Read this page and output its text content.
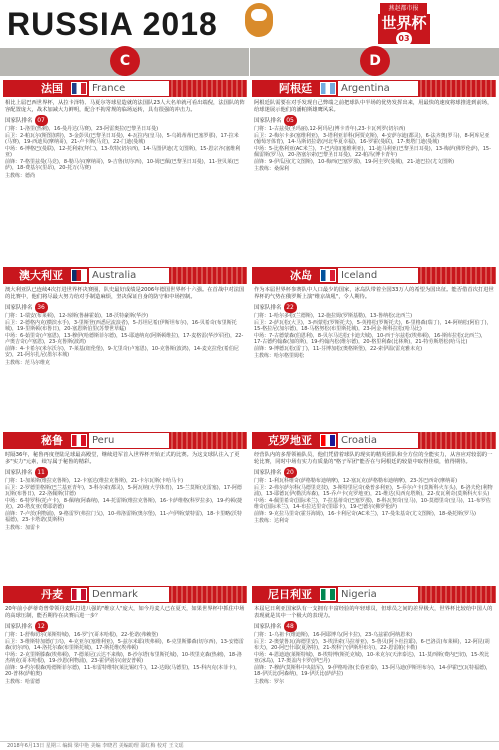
RUSSIA 2018	燕赵都市报
世界杯
03
C	D
法国	France
相比上届巴西世界杯，从拉卡泽特、马夏尔等球星造就的法国队23人大名单就可看出端倪，法国队的阵容配置庞大，战术加减大力鲜明，配合不拘常规的临场运转，具有很强的冲击力。
国家队排名 07
门将：1-洛里(热刺)，16-曼丹达(马赛)，23-阿雷奥拉(巴黎圣日耳曼)
后卫：2-帕瓦尔(斯图加特)，3-金彭贝(巴黎圣日耳曼)，4-瓦拉内(皇马)，5-乌姆蒂蒂(巴塞罗那)，17-拉米(马赛)，19-西迪贝(摩纳哥)，21-卢卡斯(马竞)，22-门迪(曼城)
中场：6-博格巴(曼联)，12-托利索(拜仁)，13-坎特(切尔西)，14-马图伊迪(尤文图斯)，15-恩宗齐(塞维利亚)
前锋：7-格里兹曼(马竞)，8-勒马尔(摩纳哥)，9-吉鲁(切尔西)，10-姆巴佩(巴黎圣日耳曼)，11-登贝莱(巴萨)，18-费基尔(里昂)，20-托万(马赛)
主教练：德尚
阿根廷	Argentina
阿根廷队需要在对手发现自己弊端之前把球队中半场的优势发挥出来，用最快的速度将球推进到前场，给球迷展示他们的潘帕斯雄鹰风采。
国家队排名 05
门将：1-古兹曼(圣玛丽),12-阿玛尼(博卡青年),23-卡瓦列罗(切尔西)
后卫：2-梅尔卡多(塞维利亚)，3-塔利亚菲科(阿贾克斯)，4-安萨尔迪(都灵)，6-法齐奥(罗马)，8-阿库尼亚(葡萄牙体育)，14-马斯切拉诺(河北华夏幸福)，16-罗霍(曼联)，17-奥塔门迪(曼城)
中场：5-比格利亚(AC米兰)，7-巴内加(塞维利亚)，11-迪马利亚(巴黎圣日耳曼)，13-梅萨(佛罗伦萨)，15-佩雷斯(罗马)，20-洛塞尔索(巴黎圣日耳曼)，22-帕冯(博卡青年)
前锋：9-伊瓜因(尤文图斯)，10-梅西(巴塞罗那)，19-阿圭罗(曼城)，21-迪巴拉(尤文图斯)
主教练：桑保利
澳大利亚	Australia
澳大利亚队已连续4次打进世界杯决赛圈，队史最好成绩是2006年德国世界杯十六强。在首战中对法国的比赛中，他们将尽最大努力给对手制造麻烦，坚决保证自身的防守和中场控制。
国家队排名 36
门将：1-瑞安(布莱顿)，12-琼斯(鲁赫霍茹)，18-沃特豪斯(华沙)
后卫：2-德格内克(横滨水手)，3-里斯登(西悉尼流浪者)，5-苏坦尼希(伊斯坦布尔)，16-贝希奇(布里斯托城)，19-里斯顿(布鲁日)，20-塞恩斯伯里(苏黎世草蜢)
中场：6-茹里奇(卢塞恩)，13-穆伊(哈德斯菲尔德)，15-耶迪纳克(阿斯顿维拉)，17-麦格雷(华沙军团)，22-卢奥吉奇(卢塞恩)，23-克鲁斯(波鸿)
前锋：4-卡希尔(米尔沃尔)，7-莱基(纽伦堡)，9-尤里奇(卢塞恩)，10-克鲁斯(波鸿)，14-麦克拉伦(希伯尼安)，21-阿尔扎尼(墨尔本城)
主教练：范马尔维克
冰岛	Iceland
作为本届世界杯参赛队中人口最少的国家，冰岛队带着全国33万人的希望为国出征。能否借首次打进世界杯的气势在俄罗斯上演"维京战吼"，令人期待。
国家队排名 22
门将：1-哈尔多松(兰德斯)，12-施拉姆(罗斯基勒)，13-鲁纳松(北西兰)
后卫：2-萨瓦松(大卫)，3-西蒙松(罗斯托夫)，5-英格松(罗斯托夫)，6-里格森(瑞丁)，14-阿纳松(阿伯丁)，15-格拉尼(加尔德)，18-马格努松(布里斯托城)，23-阿金·斯科拉松(哈马比)
中场：7-古德蒙森(伯恩利)，8-贝尔马达松(卡迪夫城)，10-西于尔兹松(埃弗顿)，16-斯库拉松(北西兰)，17-古德约翰森(加的斯)，19-约翰内松(维尔德)，20-格里利森(比林斯)，21-特劳斯塔松(哈马比)
前锋：9-博德瓦松(雷丁)，11-芬博加松(奥格斯堡)，22-索伊温(雷克雅未克)
主教练：哈尔格里姆松
秘鲁	Peru
时隔36年，秘鲁再度登陆足球最高殿堂，继续进军首入世界杯开始正式的比赛。为这支球队注入了更多"实力"元素，续写属于秘鲁的精彩。
国家队排名 11
门将：1-加莱斯(维拉克鲁斯)，12-卡塞达(维拉克鲁斯)，21-卡尔瓦斯(卡哈马卡)
后卫：2-罗德里格斯(巴兰基亚青年)，3-科尔索(都灵)，5-阿瓦纳(大学体育)，15-兰莫斯(克雷塞)，17-阿德瓦斯(布鲁日)，22-洛佩斯(甘德)
中场：6-特罗科(托卢卡)，8-佩纳(阿森纳)，14-托雷斯(维拉克鲁斯)，16-卡萨维格(科罗拉多)，19-约顿(捷克)，20-塔皮亚(费耶诺德)
前锋：7-卢茨(利物浦)，9-格雷罗(弗拉门戈)，10-弗洛雷斯(奥尔堡)，11-卢伊斯(蒙特雷)，18-卡里略(沃特福德)，23-卡塔诺(莫斯科)
主教练：加雷卡
克罗地亚	Croatia
经营队内的多帮领袖队员，他们凭借着球队的现实的精英团队和全方位的全能实力，从容应对较弱的一轮比赛，同时中场有实力有质量的"格子军团"能否在与阿根廷的较量中取得佳绩，值得期待。
国家队排名 20
门将：1-利瓦科维奇(萨格勒布迪纳摩)，12-塞瓦克(萨格勒布迪纳摩)，23-苏巴西奇(摩纳哥)
后卫：2-弗尔萨尔科(马德里竞技)，3-斯特里尼奇(桑普多利亚)，5-乔尔卢卡(莫斯科火车头)，6-洛夫伦(利物浦)，13-耶德瓦伊(勒沃库森)，15-乔卢卡(克罗地亚)，21-维达(贝西克塔斯)，22-皮瓦利奇(莫斯科火车头)
中场：4-佩里希奇(国际米兰)，7-拉基蒂奇(巴塞罗那)，8-科瓦契奇(皇马)，10-莫德里奇(皇马)，11-布罗佐维奇(国际米兰)，14-布拉达里奇(里耶卡)，19-巴德尔(佛罗伦萨)
前锋：9-克拉马里奇(霍芬海姆)，16-卡利尼奇(AC米兰)，17-曼朱基奇(尤文图斯)，18-桑托斯(罗马)
主教练：达利奇
丹麦	Denmark
20年前小萨蒂奇曾带领丹麦队打进八强的"维京人"庞大，如今丹麦人已在夏天，如果世界杯中抓住中场的高球压制，能否期待在决赛后进一步？
国家队排名 12
门将：1-舒梅切尔(莱斯特城)，16-罗宁(哥本哈根)，22-伦诺(弗赖堡)
后卫：3-维斯特加德(门兴)，4-克亚尔(塞维利亚)，5-兹尔米耶(埃弗顿)，6-克里斯滕森(切尔西)，13-安德雷森(切尔西)，14-洛托尔森(布里斯托城)，17-斯托维(埃弗顿)
中场：2-克里斯滕森(埃弗顿)，7-德莱尼(云达不来梅)，8-沙尔塔(布里斯托城)，10-埃里克森(热刺)，18-洛杰纳克(哥本哈根)，19-沙恩(利物浦)，23-霍伊别尔(南安普顿)
前锋：9-约尔根森(哈德斯菲尔德)，11-布雷特维特(莱比锡红牛)，12-达姆(马德里)，15-科内克(本菲卡)，20-普林(萨帕奥)
主教练：哈雷德
尼日利亚	Nigeria
本届尼日利亚国家队有一支拥有丰富经验的年轻球员，但球员之间的差异极大，世界杯比较给中国人的表现就是其中一个极大的表现力。
国家队排名 48
门将：1-乌祖卡(维迪斯)，16-阿耶博乌(阿卡拉)，23-乌兹霍(阿纳恩米)
后卫：2-奥蒙鲁瓦(海德里安)，3-埃泽索(马拉蒂亚)，5-鲁贝(阿卜杜拉耶)，6-巴洛贡(布莱顿)，12-阿昆(胡布夫)，20-阿巴什耶(夏洛特)，21-埃科宁(伊斯坦布尔)，22-恩雷帕(卡勒)
中场：4-恩迪迪(莱斯特城)，8-埃特博(斯托克城)，10-米克尔(天津泰达)，11-莫西斯(费内巴切)，15-埃比亚(冰岛)，17-奥盖内卡罗(伊巴丹)
前锋：7-穆萨(莫斯科中央陆军)，9-伊格哈洛(长春亚泰)，13-阿马迪(伊斯坦布尔)，14-伊霍巴(瓦特福德)，18-伊沃比(阿森纳)，19-伊沃比(萨萨拉)
主教练：罗尔
2018年6月13日 星期三 编辑 梁中艳 美编 李晓君 美编助理 邵红梅 校对 王文瑶
